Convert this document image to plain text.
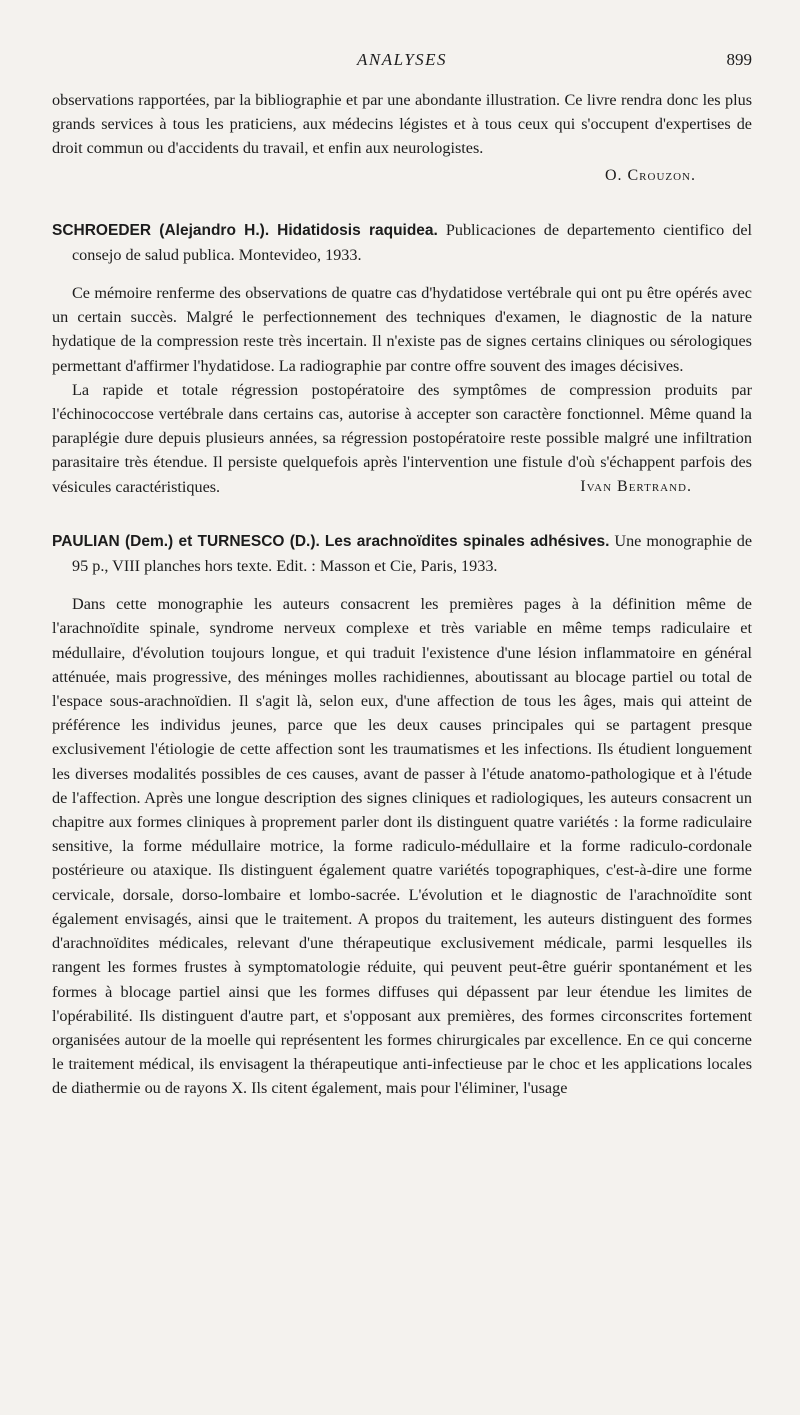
ANALYSES	899

observations rapportées, par la bibliographie et par une abondante illustration. Ce livre rendra donc les plus grands services à tous les praticiens, aux médecins légistes et à tous ceux qui s'occupent d'expertises de droit commun ou d'accidents du travail, et enfin aux neurologistes.

O. Crouzon.
SCHROEDER (Alejandro H.). Hidatidosis raquidea. Publicaciones de departemento cientifico del consejo de salud publica. Montevideo, 1933.

Ce mémoire renferme des observations de quatre cas d'hydatidose vertébrale qui ont pu être opérés avec un certain succès. Malgré le perfectionnement des techniques d'examen, le diagnostic de la nature hydatique de la compression reste très incertain. Il n'existe pas de signes certains cliniques ou sérologiques permettant d'affirmer l'hydatidose. La radiographie par contre offre souvent des images décisives.

La rapide et totale régression postopératoire des symptômes de compression produits par l'échinococcose vertébrale dans certains cas, autorise à accepter son caractère fonctionnel. Même quand la paraplégie dure depuis plusieurs années, sa régression postopératoire reste possible malgré une infiltration parasitaire très étendue. Il persiste quelquefois après l'intervention une fistule d'où s'échappent parfois des vésicules caractéristiques.	Ivan Bertrand.
PAULIAN (Dem.) et TURNESCO (D.). Les arachnoïdites spinales adhésives. Une monographie de 95 p., VIII planches hors texte. Edit. : Masson et Cie, Paris, 1933.

Dans cette monographie les auteurs consacrent les premières pages à la définition même de l'arachnoïdite spinale, syndrome nerveux complexe et très variable en même temps radiculaire et médullaire, d'évolution toujours longue, et qui traduit l'existence d'une lésion inflammatoire en général atténuée, mais progressive, des méninges molles rachidiennes, aboutissant au blocage partiel ou total de l'espace sous-arachnoïdien. Il s'agit là, selon eux, d'une affection de tous les âges, mais qui atteint de préférence les individus jeunes, parce que les deux causes principales qui se partagent presque exclusivement l'étiologie de cette affection sont les traumatismes et les infections. Ils étudient longuement les diverses modalités possibles de ces causes, avant de passer à l'étude anatomo-pathologique et à l'étude de l'affection. Après une longue description des signes cliniques et radiologiques, les auteurs consacrent un chapitre aux formes cliniques à proprement parler dont ils distinguent quatre variétés : la forme radiculaire sensitive, la forme médullaire motrice, la forme radiculo-médullaire et la forme radiculo-cordonale postérieure ou ataxique. Ils distinguent également quatre variétés topographiques, c'est-à-dire une forme cervicale, dorsale, dorso-lombaire et lombo-sacrée. L'évolution et le diagnostic de l'arachnoïdite sont également envisagés, ainsi que le traitement. A propos du traitement, les auteurs distinguent des formes d'arachnoïdites médicales, relevant d'une thérapeutique exclusivement médicale, parmi lesquelles ils rangent les formes frustes à symptomatologie réduite, qui peuvent peut-être guérir spontanément et les formes à blocage partiel ainsi que les formes diffuses qui dépassent par leur étendue les limites de l'opérabilité. Ils distinguent d'autre part, et s'opposant aux premières, des formes circonscrites fortement organisées autour de la moelle qui représentent les formes chirurgicales par excellence. En ce qui concerne le traitement médical, ils envisagent la thérapeutique anti-infectieuse par le choc et les applications locales de diathermie ou de rayons X. Ils citent également, mais pour l'éliminer, l'usage
